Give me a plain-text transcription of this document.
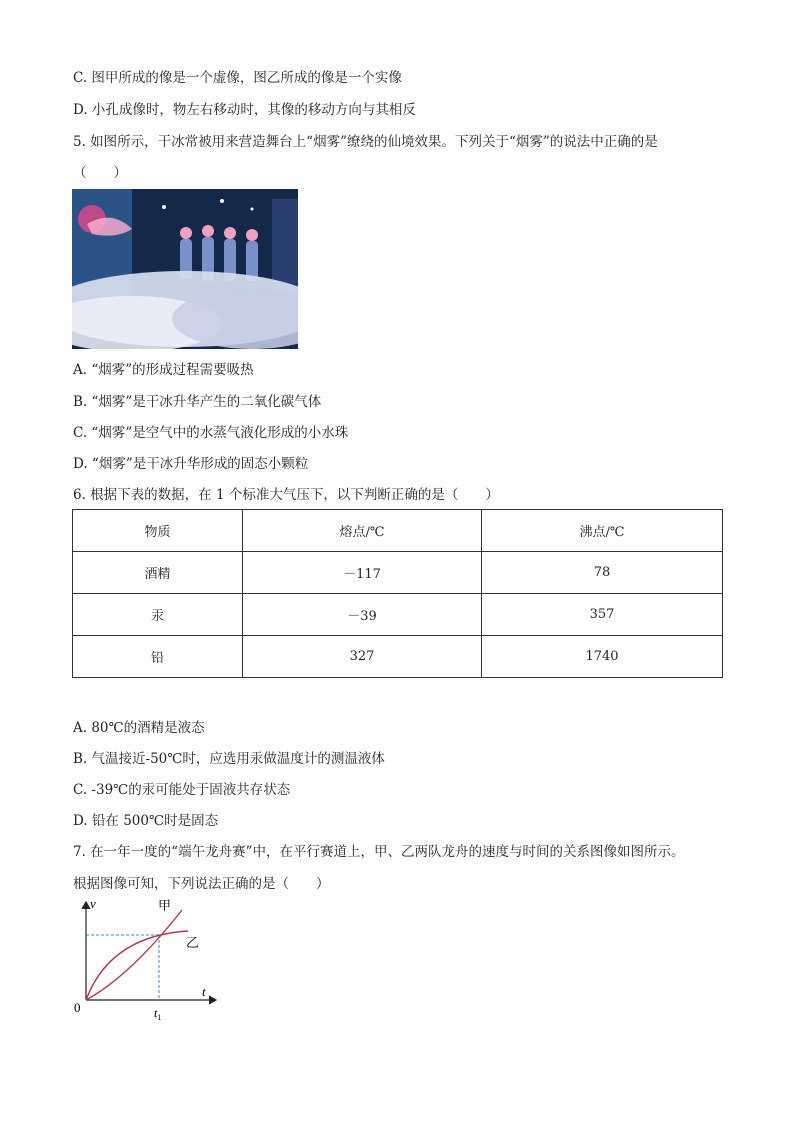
C. 图甲所成的像是一个虚像，图乙所成的像是一个实像
D. 小孔成像时，物左右移动时，其像的移动方向与其相反
5. 如图所示，干冰常被用来营造舞台上“烟雾”缭绕的仙境效果。下列关于“烟雾”的说法中正确的是
（　　）
A. “烟雾”的形成过程需要吸热
B. “烟雾”是干冰升华产生的二氧化碳气体
C. “烟雾”是空气中的水蒸气液化形成的小水珠
D. “烟雾”是干冰升华形成的固态小颗粒
6. 根据下表的数据，在 1 个标准大气压下，以下判断正确的是（　　）
物质	熔点/℃	沸点/℃
酒精	－117	78
汞	－39	357
铅	327	1740
A. 80℃的酒精是液态
B. 气温接近-50℃时，应选用汞做温度计的测温液体
C. -39℃的汞可能处于固液共存状态
D. 铅在 500℃时是固态
7. 在一年一度的“端午龙舟赛”中，在平行赛道上，甲、乙两队龙舟的速度与时间的关系图像如图所示。
根据图像可知，下列说法正确的是（　　）
v
t
0	$t_1$
甲
乙
